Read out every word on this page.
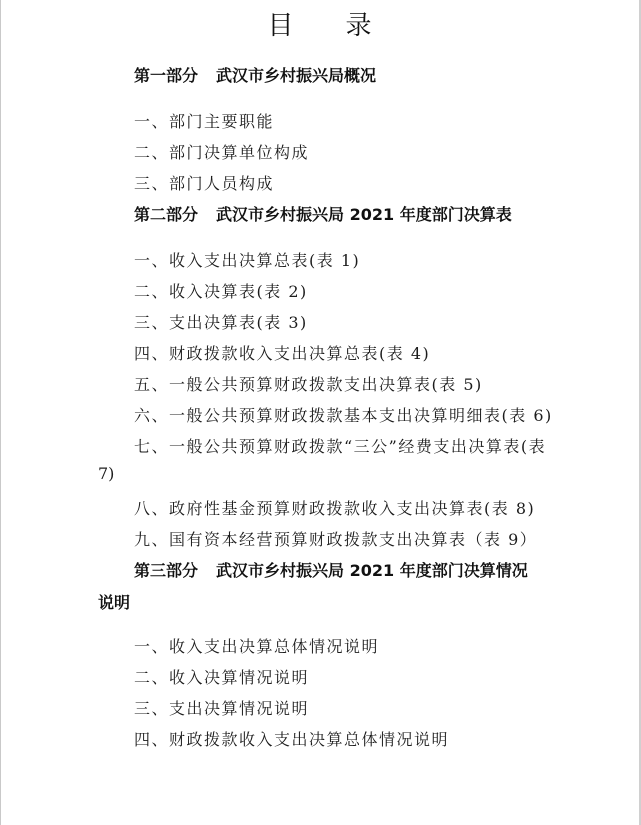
目 录
第一部分 武汉市乡村振兴局概况
一、部门主要职能
二、部门决算单位构成
三、部门人员构成
第二部分 武汉市乡村振兴局 2021 年度部门决算表
一、收入支出决算总表(表 1)
二、收入决算表(表 2)
三、支出决算表(表 3)
四、财政拨款收入支出决算总表(表 4)
五、一般公共预算财政拨款支出决算表(表 5)
六、一般公共预算财政拨款基本支出决算明细表(表 6)
七、一般公共预算财政拨款“三公”经费支出决算表(表
7)
八、政府性基金预算财政拨款收入支出决算表(表 8)
九、国有资本经营预算财政拨款支出决算表（表 9）
第三部分 武汉市乡村振兴局 2021 年度部门决算情况
说明
一、收入支出决算总体情况说明
二、收入决算情况说明
三、支出决算情况说明
四、财政拨款收入支出决算总体情况说明
